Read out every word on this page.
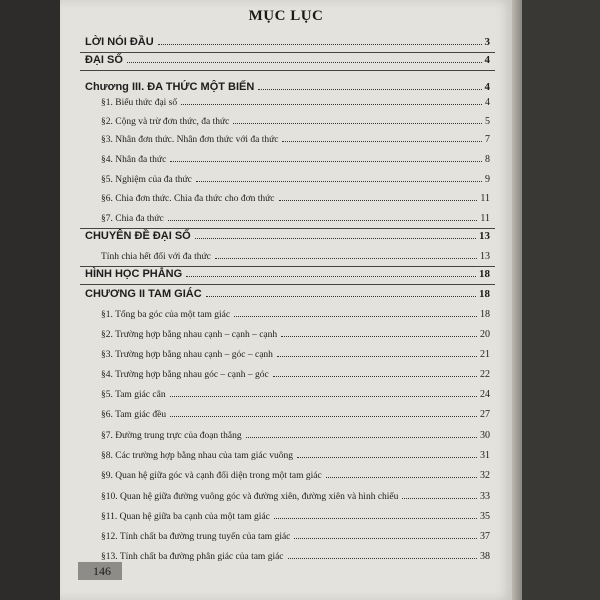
MỤC LỤC
LỜI NÓI ĐẦU	3
ĐẠI SỐ	4
Chương III. ĐA THỨC MỘT BIẾN	4
§1. Biểu thức đại số	4
§2. Cộng và trừ đơn thức, đa thức	5
§3. Nhân đơn thức. Nhân đơn thức với đa thức	7
§4. Nhân đa thức	8
§5. Nghiệm của đa thức	9
§6. Chia đơn thức. Chia đa thức cho đơn thức	11
§7. Chia đa thức	11
CHUYÊN ĐỀ ĐẠI SỐ	13
Tính chia hết đối với đa thức	13
HÌNH HỌC PHẲNG	18
CHƯƠNG II TAM GIÁC	18
§1. Tổng ba góc của một tam giác	18
§2. Trường hợp bằng nhau cạnh – cạnh – cạnh	20
§3. Trường hợp bằng nhau cạnh – góc – cạnh	21
§4. Trường hợp bằng nhau góc – cạnh – góc	22
§5. Tam giác cân	24
§6. Tam giác đều	27
§7. Đường trung trực của đoạn thẳng	30
§8. Các trường hợp bằng nhau của tam giác vuông	31
§9. Quan hệ giữa góc và cạnh đối diện trong một tam giác	32
§10. Quan hệ giữa đường vuông góc và đường xiên, đường xiên và hình chiếu	33
§11. Quan hệ giữa ba cạnh của một tam giác	35
§12. Tính chất ba đường trung tuyến của tam giác	37
§13. Tính chất ba đường phân giác của tam giác	38
146
